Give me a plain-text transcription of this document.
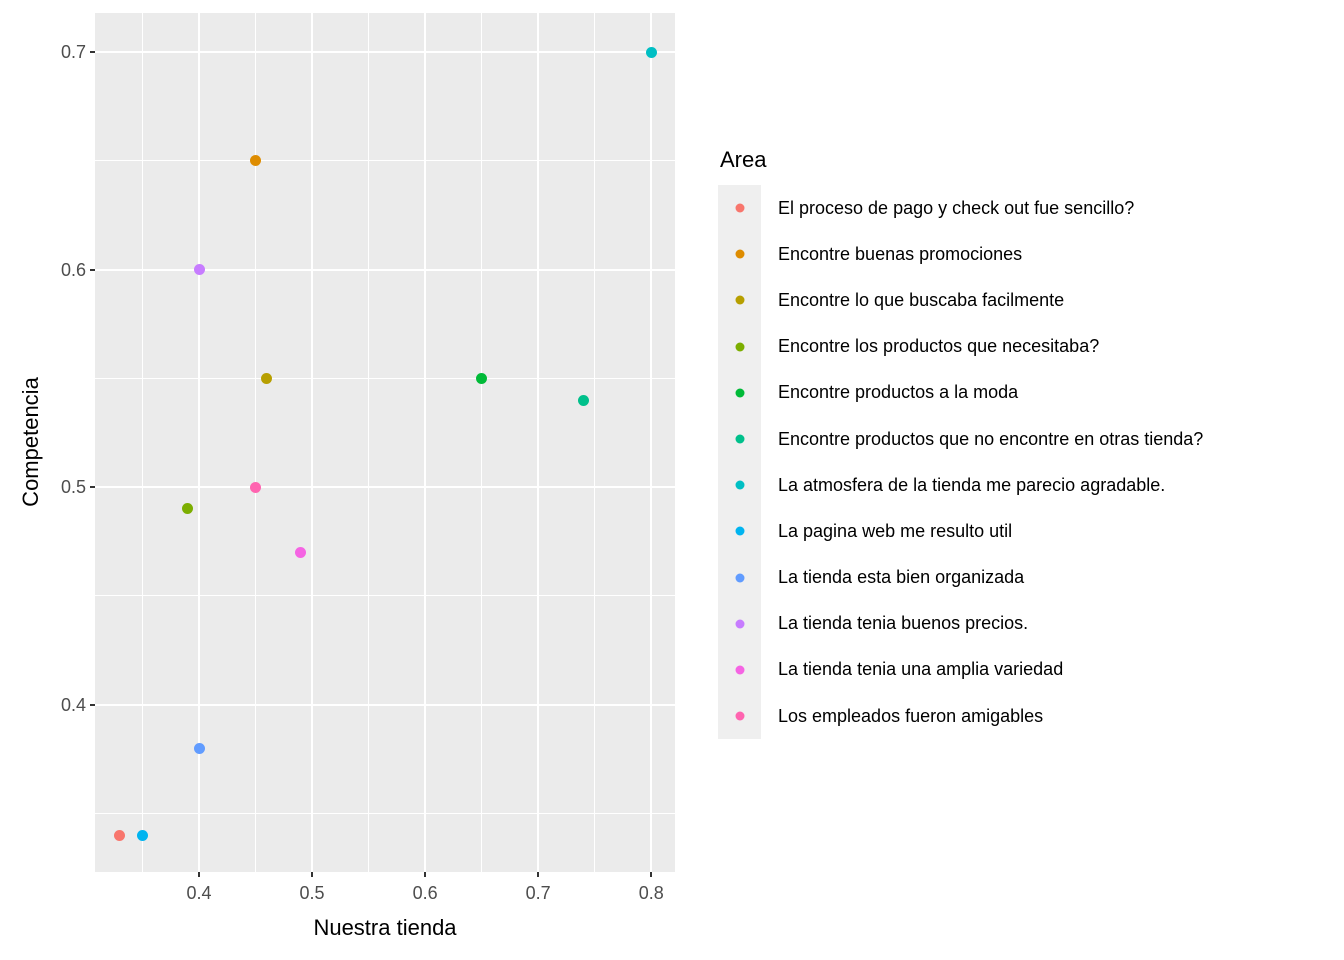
Competencia
0.4	0.5	0.6	0.7	0.8
0.4
0.5
0.6
0.7
Nuestra tienda
Area
El proceso de pago y check out fue sencillo?
Encontre buenas promociones
Encontre lo que buscaba facilmente
Encontre los productos que necesitaba?
Encontre productos a la moda
Encontre productos que no encontre en otras tienda?
La atmosfera de la tienda me parecio agradable.
La pagina web me resulto util
La tienda esta bien organizada
La tienda tenia buenos precios.
La tienda tenia una amplia variedad
Los empleados fueron amigables
